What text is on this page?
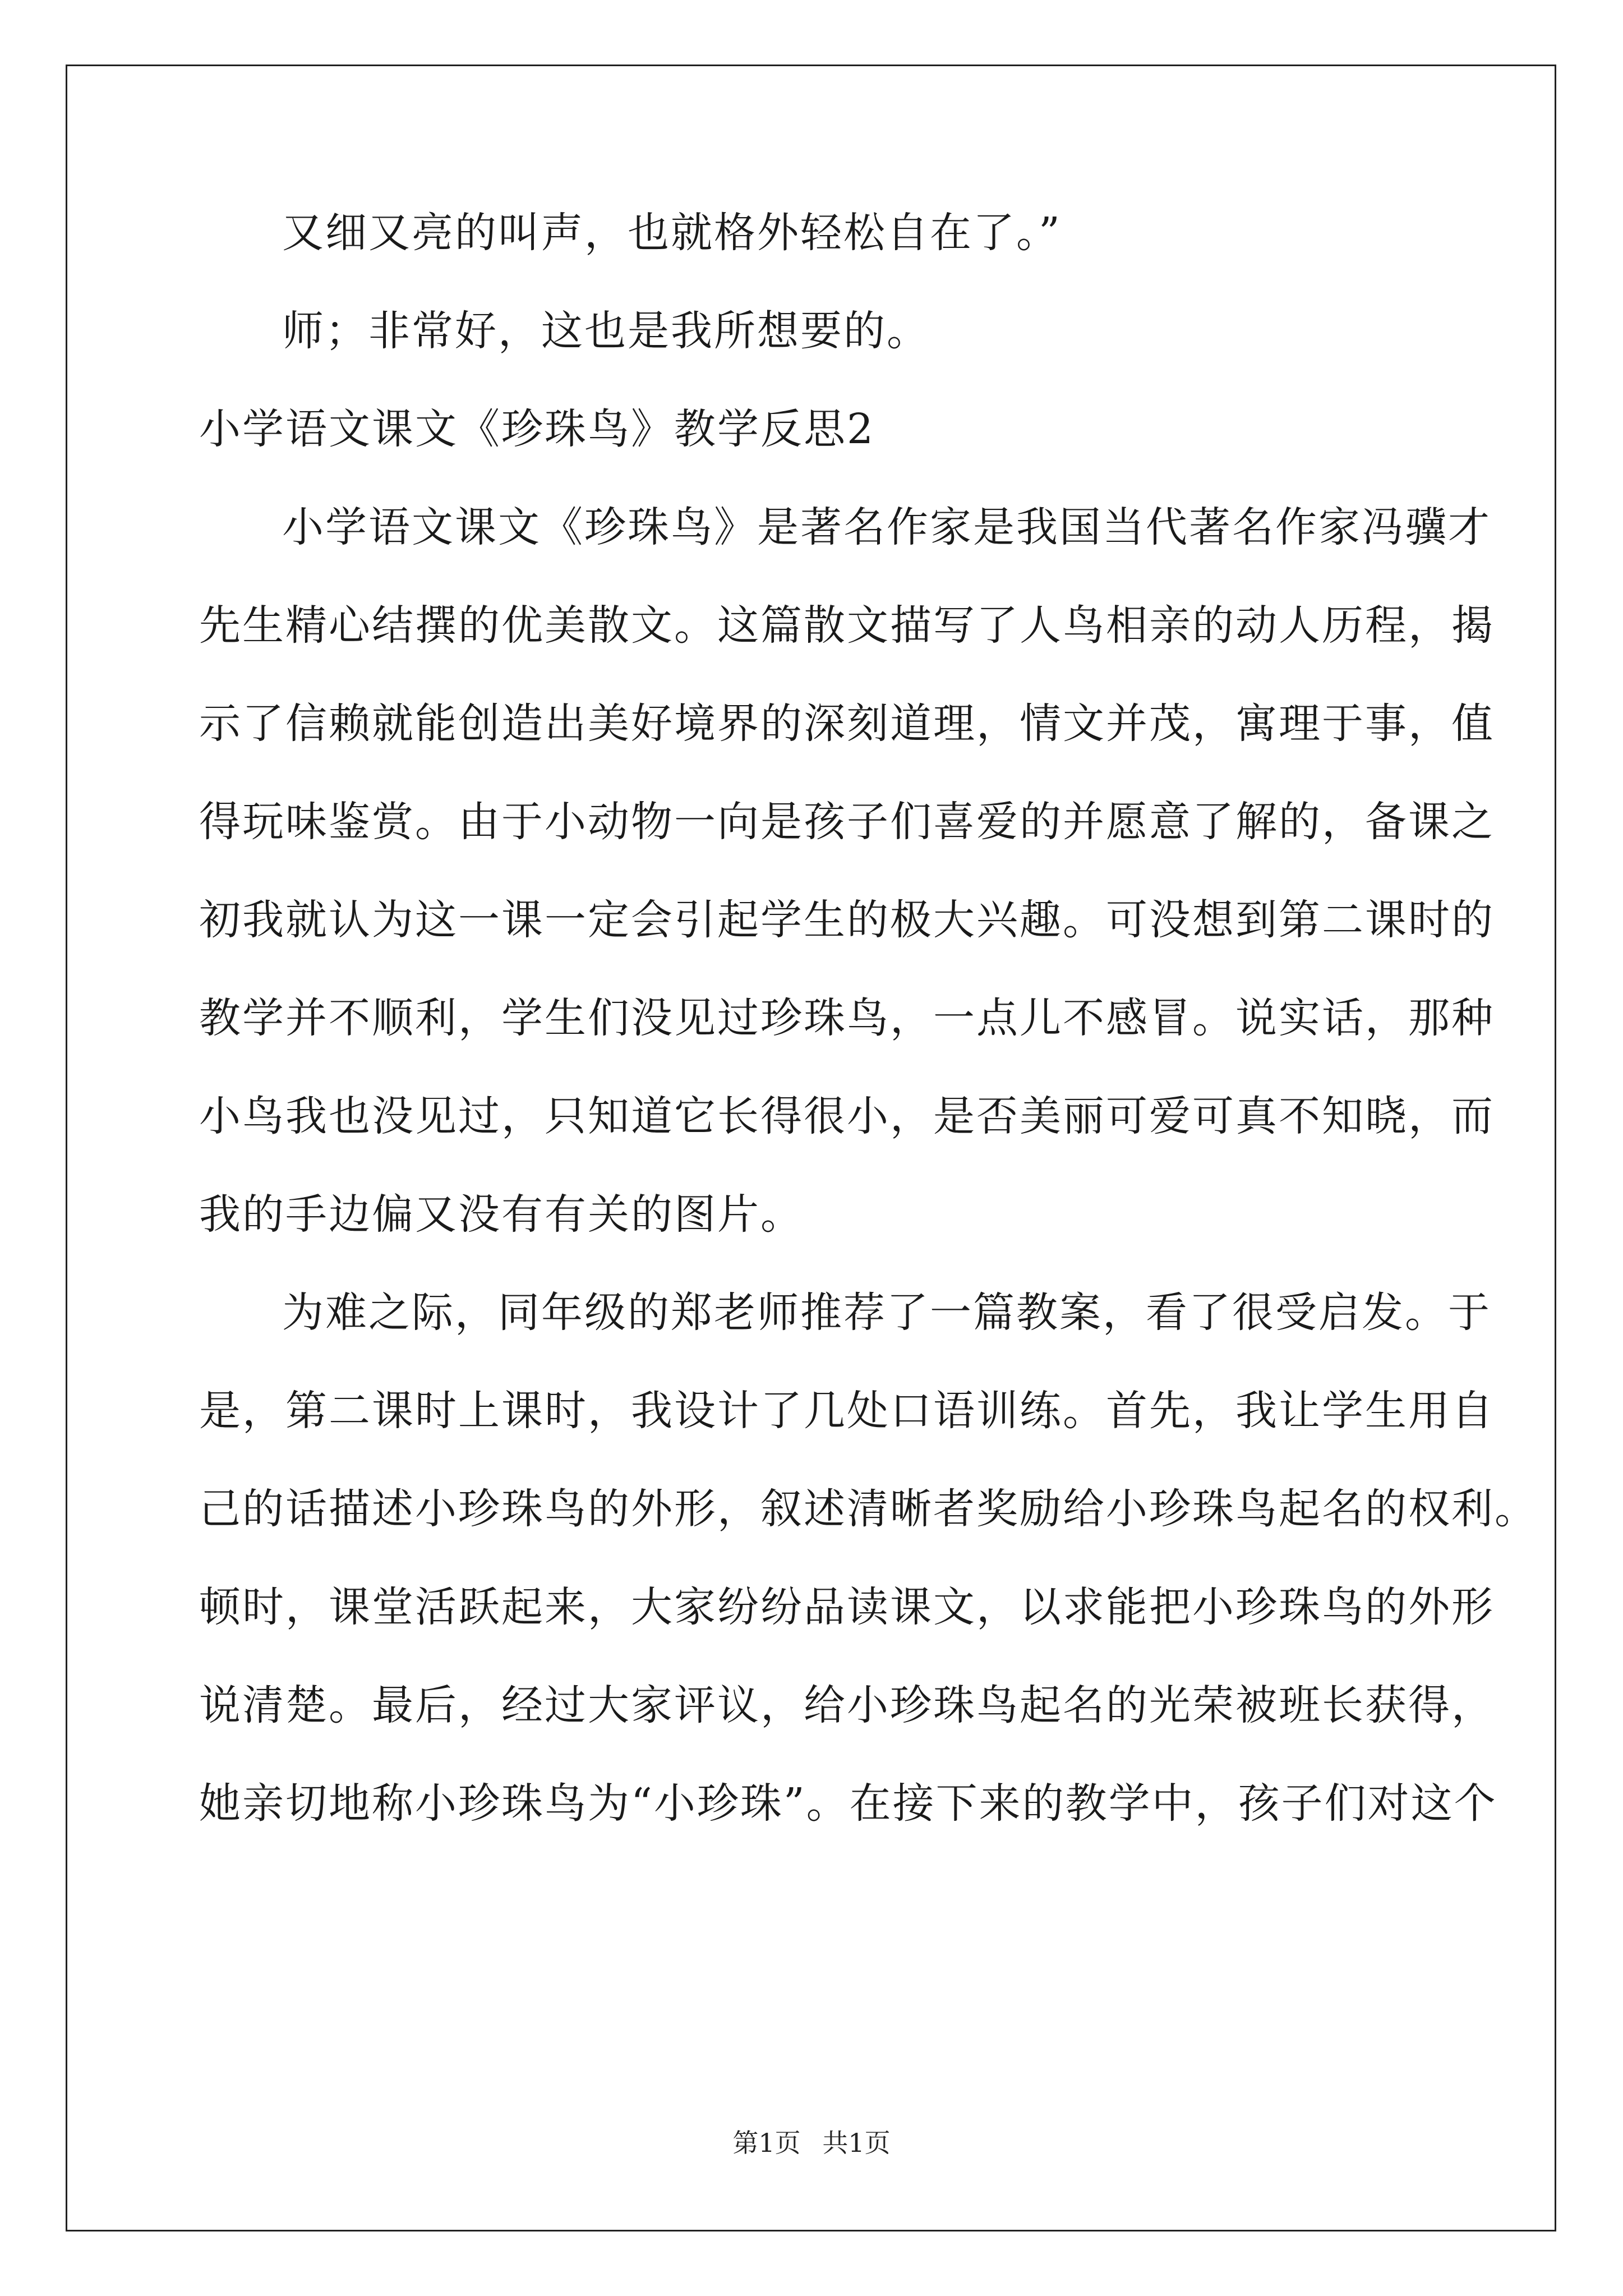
又细又亮的叫声，也就格外轻松自在了。”
师；非常好，这也是我所想要的。
小学语文课文《珍珠鸟》教学反思2
小学语文课文《珍珠鸟》是著名作家是我国当代著名作家冯骥才
先生精心结撰的优美散文。这篇散文描写了人鸟相亲的动人历程，揭
示了信赖就能创造出美好境界的深刻道理，情文并茂，寓理于事，值
得玩味鉴赏。由于小动物一向是孩子们喜爱的并愿意了解的，备课之
初我就认为这一课一定会引起学生的极大兴趣。可没想到第二课时的
教学并不顺利，学生们没见过珍珠鸟，一点儿不感冒。说实话，那种
小鸟我也没见过，只知道它长得很小，是否美丽可爱可真不知晓，而
我的手边偏又没有有关的图片。
为难之际，同年级的郑老师推荐了一篇教案，看了很受启发。于
是，第二课时上课时，我设计了几处口语训练。首先，我让学生用自
己的话描述小珍珠鸟的外形，叙述清晰者奖励给小珍珠鸟起名的权利。
顿时，课堂活跃起来，大家纷纷品读课文，以求能把小珍珠鸟的外形
说清楚。最后，经过大家评议，给小珍珠鸟起名的光荣被班长获得，
她亲切地称小珍珠鸟为“小珍珠”。在接下来的教学中，孩子们对这个
第1页 共1页
